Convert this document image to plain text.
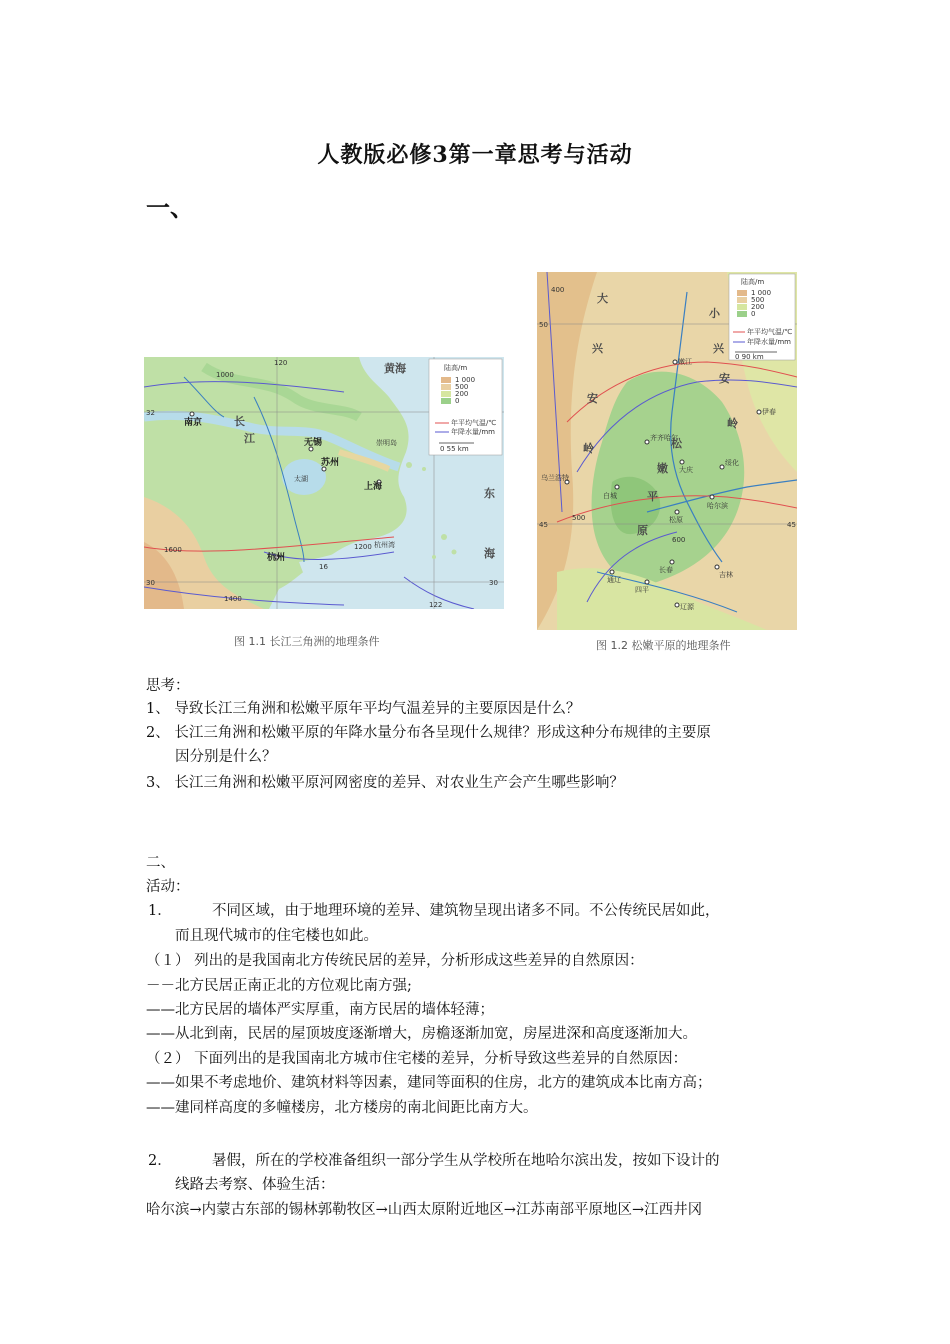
人教版必修3第一章思考与活动
一、
陆高/m
1 000
500
200
0
年平均气温/℃
年降水量/mm
0 55 km
南京
无锡
苏州
上海
杭州
太湖
崇明岛
黄海
东
海
长
江
杭州湾
120
122
32
30	30
1000
1200
16
1400
1600
图 1.1 长江三角洲的地理条件
陆高/m
1 000
500
200
0
年平均气温/℃
年降水量/mm
0 90 km
嫩江
伊春
齐齐哈尔
大庆
绥化
白城
哈尔滨
乌兰浩特
松原
长春
通辽
吉林
辽源
四平
大
兴
安
岭
小
兴
安
岭
松
嫩
平
原
50
45	45
400
500
600
图 1.2 松嫩平原的地理条件
思考：
1、 导致长江三角洲和松嫩平原年平均气温差异的主要原因是什么？
2、 长江三角洲和松嫩平原的年降水量分布各呈现什么规律？形成这种分布规律的主要原
因分别是什么？
3、 长江三角洲和松嫩平原河网密度的差异、对农业生产会产生哪些影响？
二、
活动：
1．	不同区域，由于地理环境的差异、建筑物呈现出诸多不同。不公传统民居如此，
而且现代城市的住宅楼也如此。
（１） 列出的是我国南北方传统民居的差异，分析形成这些差异的自然原因：
－－北方民居正南正北的方位观比南方强;
——北方民居的墙体严实厚重，南方民居的墙体轻薄；
——从北到南，民居的屋顶坡度逐渐增大，房檐逐渐加宽，房屋进深和高度逐渐加大。
（２） 下面列出的是我国南北方城市住宅楼的差异，分析导致这些差异的自然原因：
——如果不考虑地价、建筑材料等因素，建同等面积的住房，北方的建筑成本比南方高；
——建同样高度的多幢楼房，北方楼房的南北间距比南方大。
2．	暑假，所在的学校准备组织一部分学生从学校所在地哈尔滨出发，按如下设计的
线路去考察、体验生活：
哈尔滨→内蒙古东部的锡林郭勒牧区→山西太原附近地区→江苏南部平原地区→江西井冈
